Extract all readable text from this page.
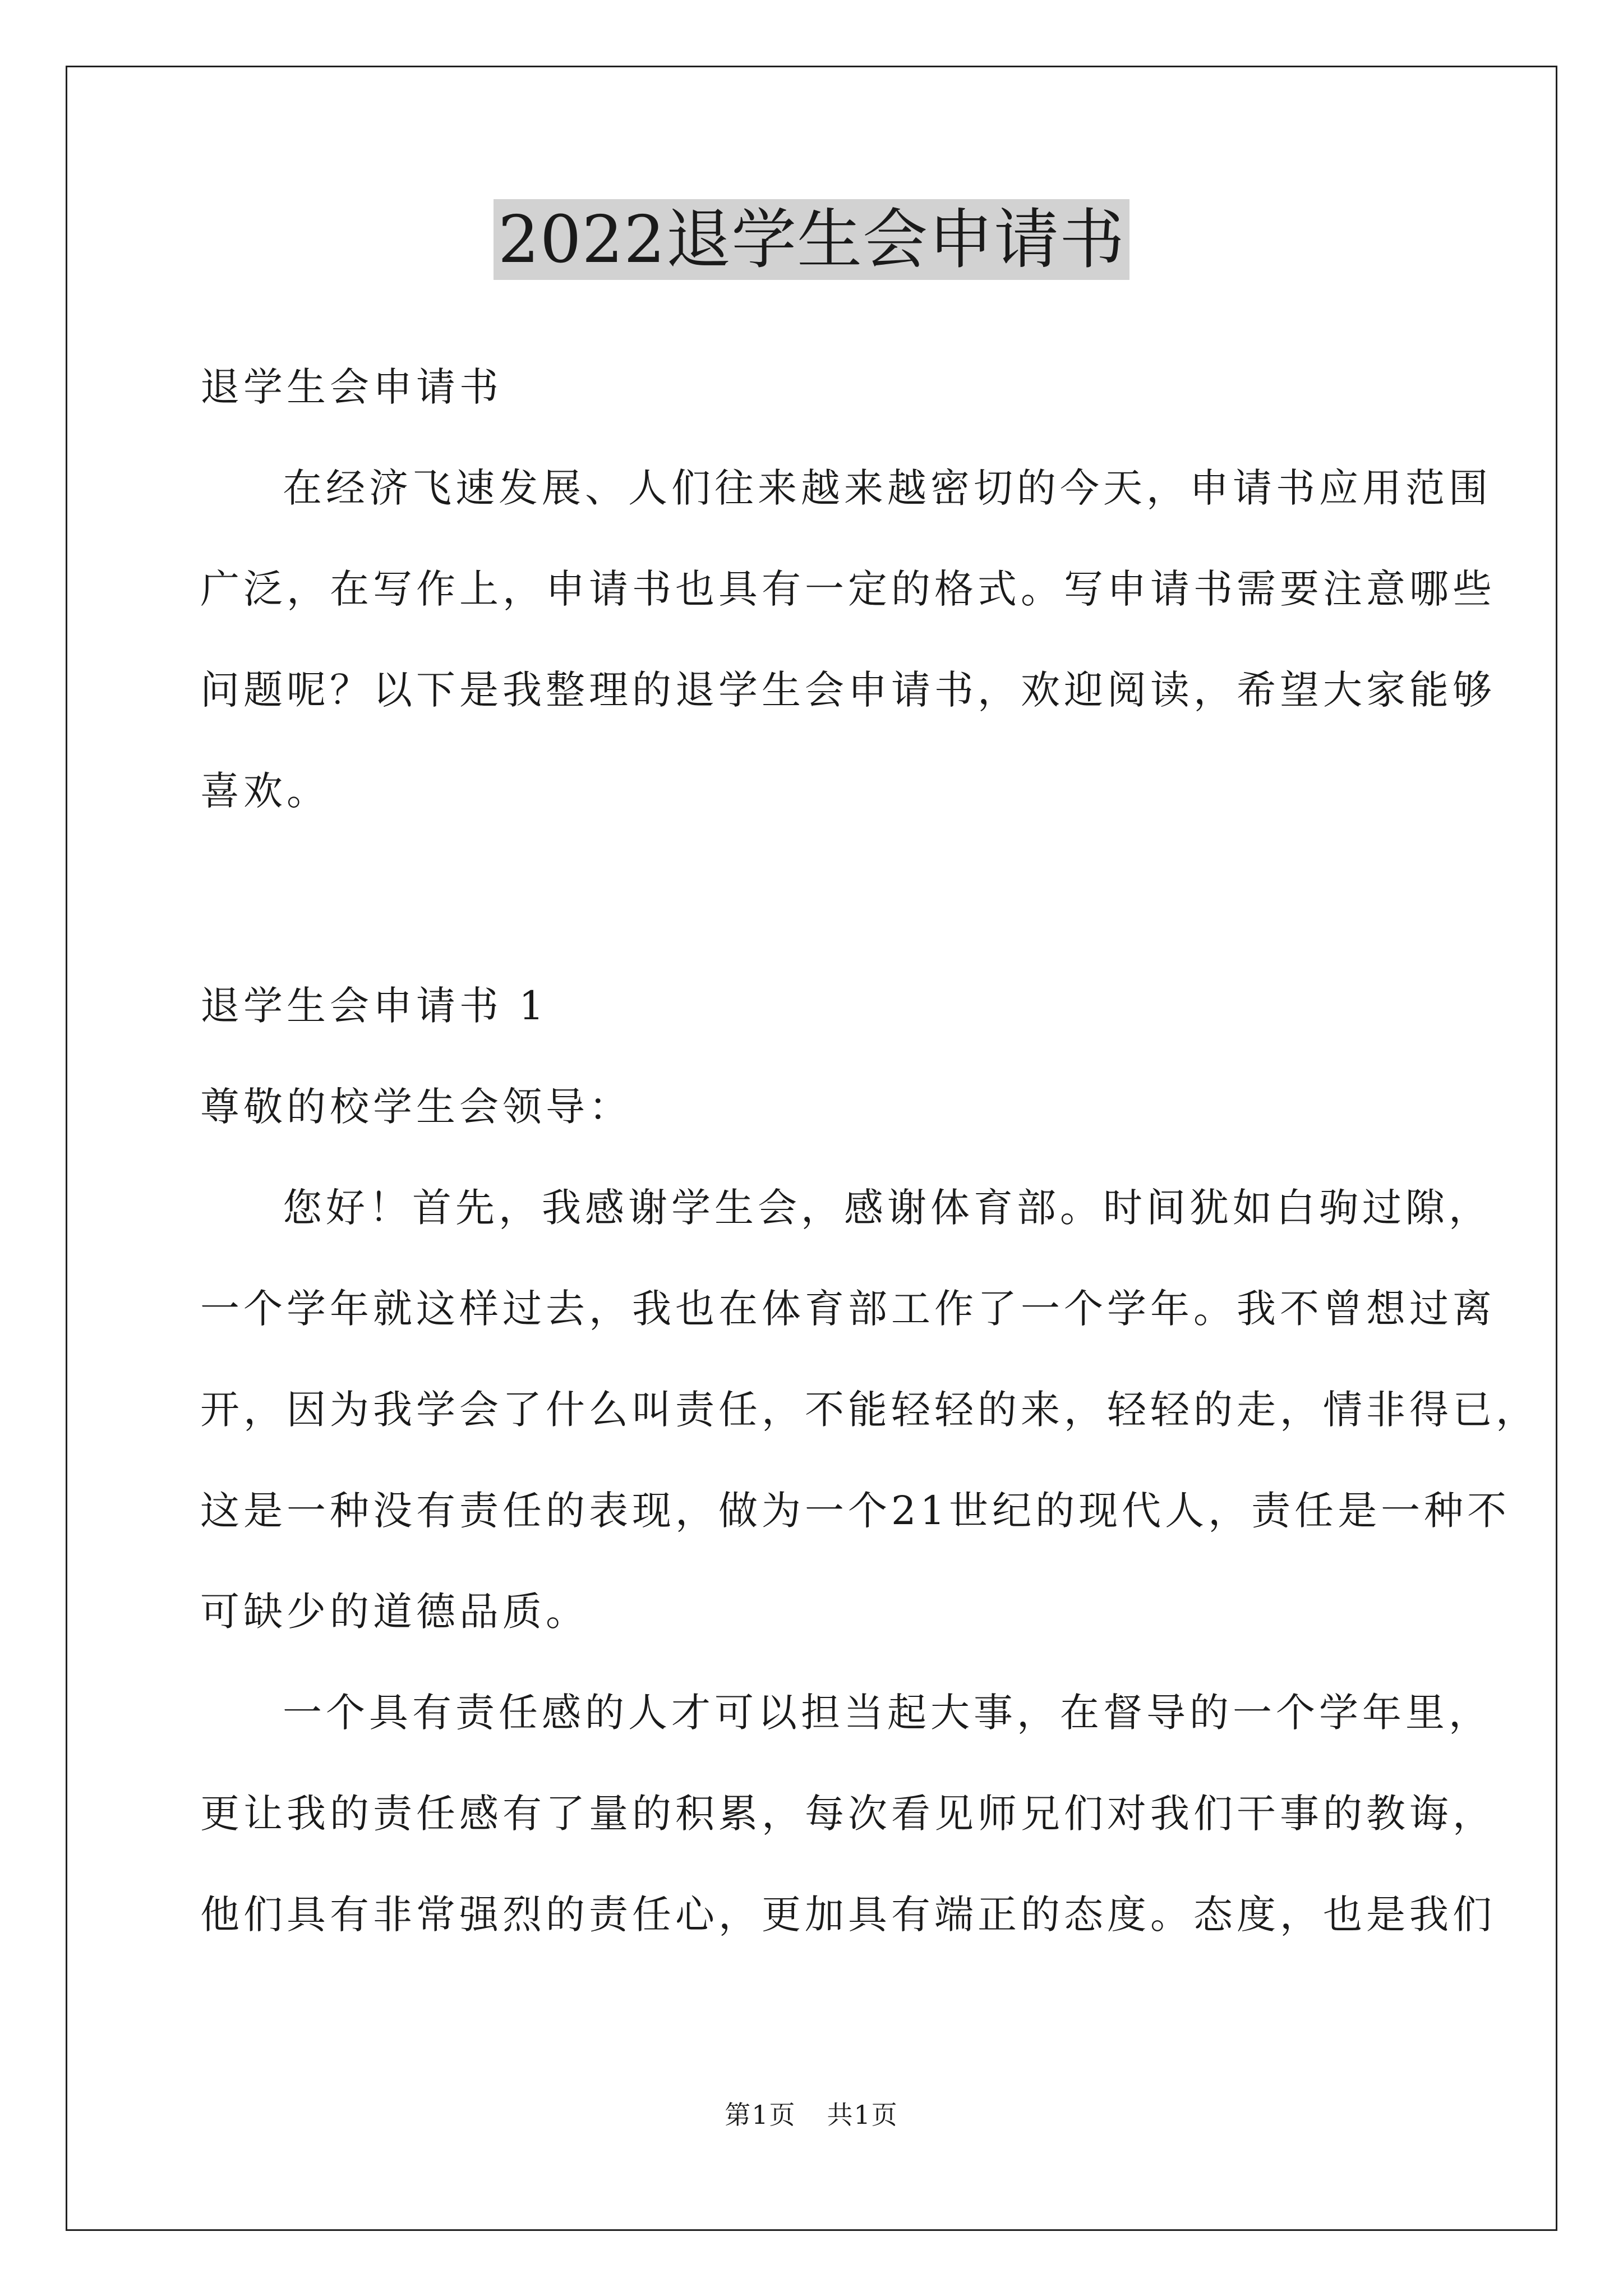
2022退学生会申请书
退学生会申请书
在经济飞速发展、人们往来越来越密切的今天，申请书应用范围
广泛，在写作上，申请书也具有一定的格式。写申请书需要注意哪些
问题呢？以下是我整理的退学生会申请书，欢迎阅读，希望大家能够
喜欢。
退学生会申请书 1
尊敬的校学生会领导：
您好！首先，我感谢学生会，感谢体育部。时间犹如白驹过隙，
一个学年就这样过去，我也在体育部工作了一个学年。我不曾想过离
开，因为我学会了什么叫责任，不能轻轻的来，轻轻的走，情非得已，
这是一种没有责任的表现，做为一个21世纪的现代人，责任是一种不
可缺少的道德品质。
一个具有责任感的人才可以担当起大事，在督导的一个学年里，
更让我的责任感有了量的积累，每次看见师兄们对我们干事的教诲，
他们具有非常强烈的责任心，更加具有端正的态度。态度，也是我们
第1页 共1页
